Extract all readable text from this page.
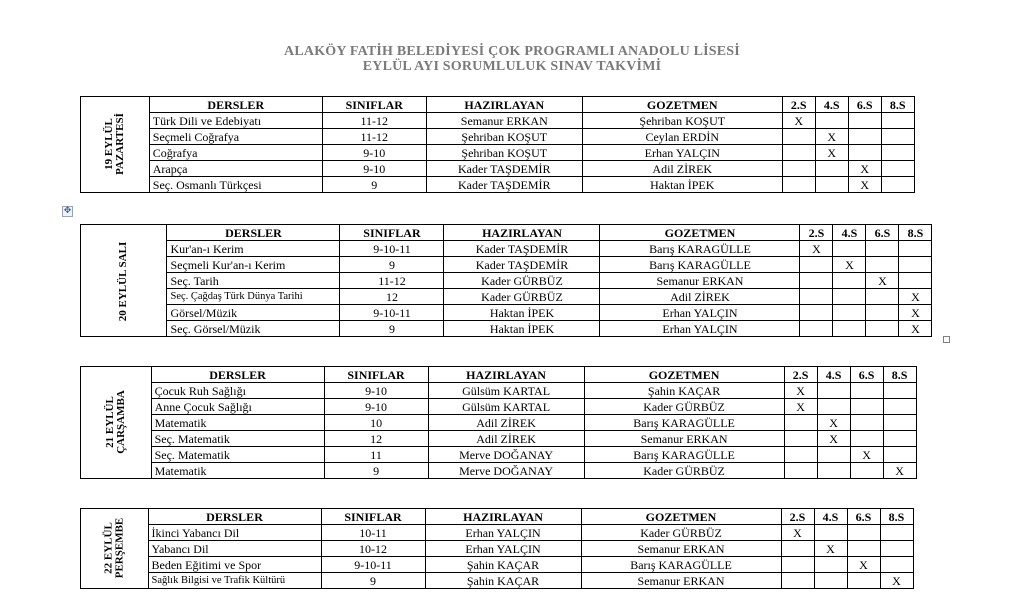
ALAKÖY FATİH BELEDİYESİ ÇOK PROGRAMLI ANADOLU LİSESİ
EYLÜL AYI SORUMLULUK SINAV TAKVİMİ
✥
19 EYLÜL
PAZARTESİ	DERSLER	SINIFLAR	HAZIRLAYAN	GOZETMEN	2.S	4.S	6.S	8.S
	Türk Dili ve Edebiyatı	11-12	Semanur ERKAN	Şehriban KOŞUT	X			
	Seçmeli Coğrafya	11-12	Şehriban KOŞUT	Ceylan ERDİN		X		
	Coğrafya	9-10	Şehriban KOŞUT	Erhan YALÇIN		X		
	Arapça	9-10	Kader TAŞDEMİR	Adil ZİREK			X	
	Seç. Osmanlı Türkçesi	9	Kader TAŞDEMİR	Haktan İPEK			X	
20 EYLÜL SALI	DERSLER	SINIFLAR	HAZIRLAYAN	GOZETMEN	2.S	4.S	6.S	8.S
	Kur'an-ı Kerim	9-10-11	Kader TAŞDEMİR	Barış KARAGÜLLE	X			
	Seçmeli Kur'an-ı Kerim	9	Kader TAŞDEMİR	Barış KARAGÜLLE		X		
	Seç. Tarih	11-12	Kader GÜRBÜZ	Semanur ERKAN			X	
	Seç. Çağdaş Türk Dünya Tarihi	12	Kader GÜRBÜZ	Adil ZİREK				X
	Görsel/Müzik	9-10-11	Haktan İPEK	Erhan YALÇIN				X
	Seç. Görsel/Müzik	9	Haktan İPEK	Erhan YALÇIN				X
21 EYLÜL
ÇARŞAMBA	DERSLER	SINIFLAR	HAZIRLAYAN	GOZETMEN	2.S	4.S	6.S	8.S
	Çocuk Ruh Sağlığı	9-10	Gülsüm KARTAL	Şahin KAÇAR	X			
	Anne Çocuk Sağlığı	9-10	Gülsüm KARTAL	Kader GÜRBÜZ	X			
	Matematik	10	Adil ZİREK	Barış KARAGÜLLE		X		
	Seç. Matematik	12	Adil ZİREK	Semanur ERKAN		X		
	Seç. Matematik	11	Merve DOĞANAY	Barış KARAGÜLLE			X	
	Matematik	9	Merve DOĞANAY	Kader GÜRBÜZ				X
22 EYLÜL
PERŞEMBE	DERSLER	SINIFLAR	HAZIRLAYAN	GOZETMEN	2.S	4.S	6.S	8.S
	İkinci Yabancı Dil	10-11	Erhan YALÇIN	Kader GÜRBÜZ	X			
	Yabancı Dil	10-12	Erhan YALÇIN	Semanur ERKAN		X		
	Beden Eğitimi ve Spor	9-10-11	Şahin KAÇAR	Barış KARAGÜLLE			X	
	Sağlık Bilgisi ve Trafik Kültürü	9	Şahin KAÇAR	Semanur ERKAN				X
